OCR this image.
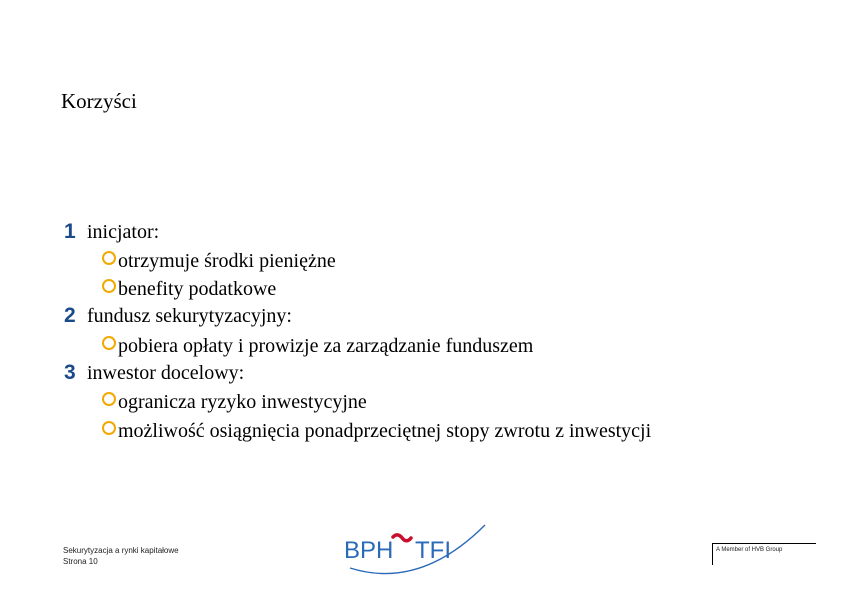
Korzyści
1 inicjator:
otrzymuje środki pieniężne
benefity podatkowe
2 fundusz sekurytyzacyjny:
pobiera opłaty i prowizje za zarządzanie funduszem
3 inwestor docelowy:
ogranicza ryzyko inwestycyjne
możliwość osiągnięcia ponadprzeciętnej stopy zwrotu z inwestycji
Sekurytyzacja a rynki kapitałowe
Strona 10	BPH TFI	A Member of HVB Group
